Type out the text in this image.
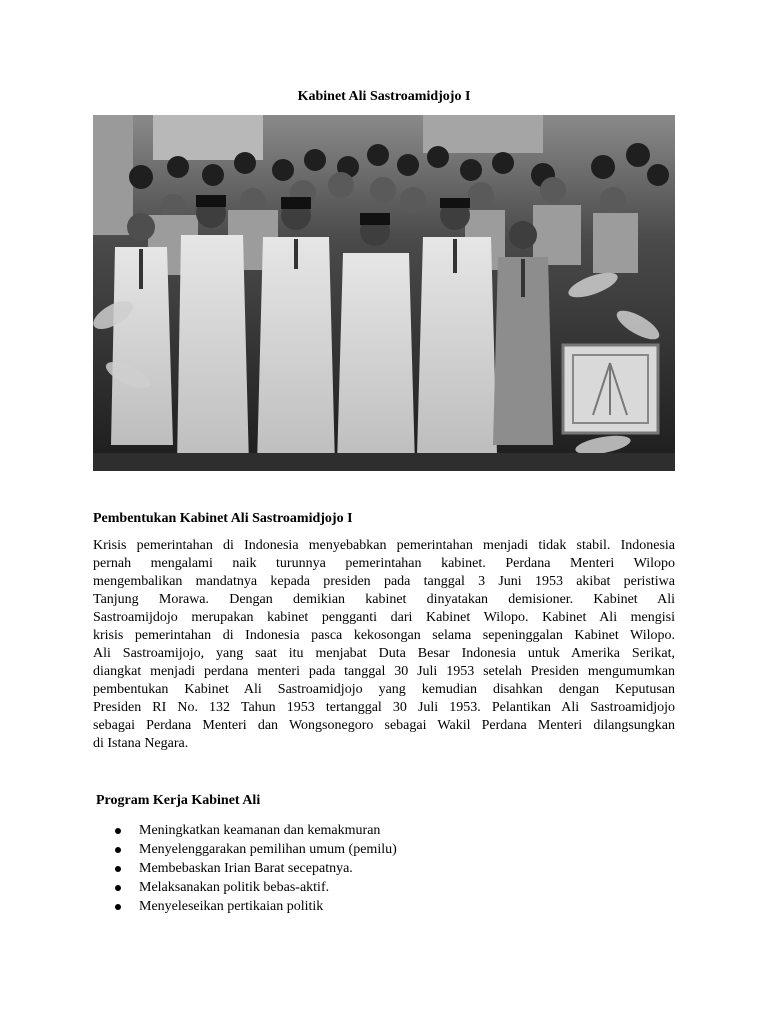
Kabinet Ali Sastroamidjojo I
Pembentukan Kabinet Ali Sastroamidjojo I
Krisis pemerintahan di Indonesia menyebabkan pemerintahan menjadi tidak stabil. Indonesia
pernah mengalami naik turunnya pemerintahan kabinet. Perdana Menteri Wilopo
mengembalikan mandatnya kepada presiden pada tanggal 3 Juni 1953 akibat peristiwa
Tanjung Morawa. Dengan demikian kabinet dinyatakan demisioner. Kabinet Ali
Sastroamijdojo merupakan kabinet pengganti dari Kabinet Wilopo. Kabinet Ali mengisi
krisis pemerintahan di Indonesia pasca kekosongan selama sepeninggalan Kabinet Wilopo.
Ali Sastroamijojo, yang saat itu menjabat Duta Besar Indonesia untuk Amerika Serikat,
diangkat menjadi perdana menteri pada tanggal 30 Juli 1953 setelah Presiden mengumumkan
pembentukan Kabinet Ali Sastroamidjojo yang kemudian disahkan dengan Keputusan
Presiden RI No. 132 Tahun 1953 tertanggal 30 Juli 1953. Pelantikan Ali Sastroamidjojo
sebagai Perdana Menteri dan Wongsonegoro sebagai Wakil Perdana Menteri dilangsungkan
di Istana Negara.
Program Kerja Kabinet Ali
Meningkatkan keamanan dan kemakmuran
Menyelenggarakan pemilihan umum (pemilu)
Membebaskan Irian Barat secepatnya.
Melaksanakan politik bebas-aktif.
Menyeleseikan pertikaian politik
